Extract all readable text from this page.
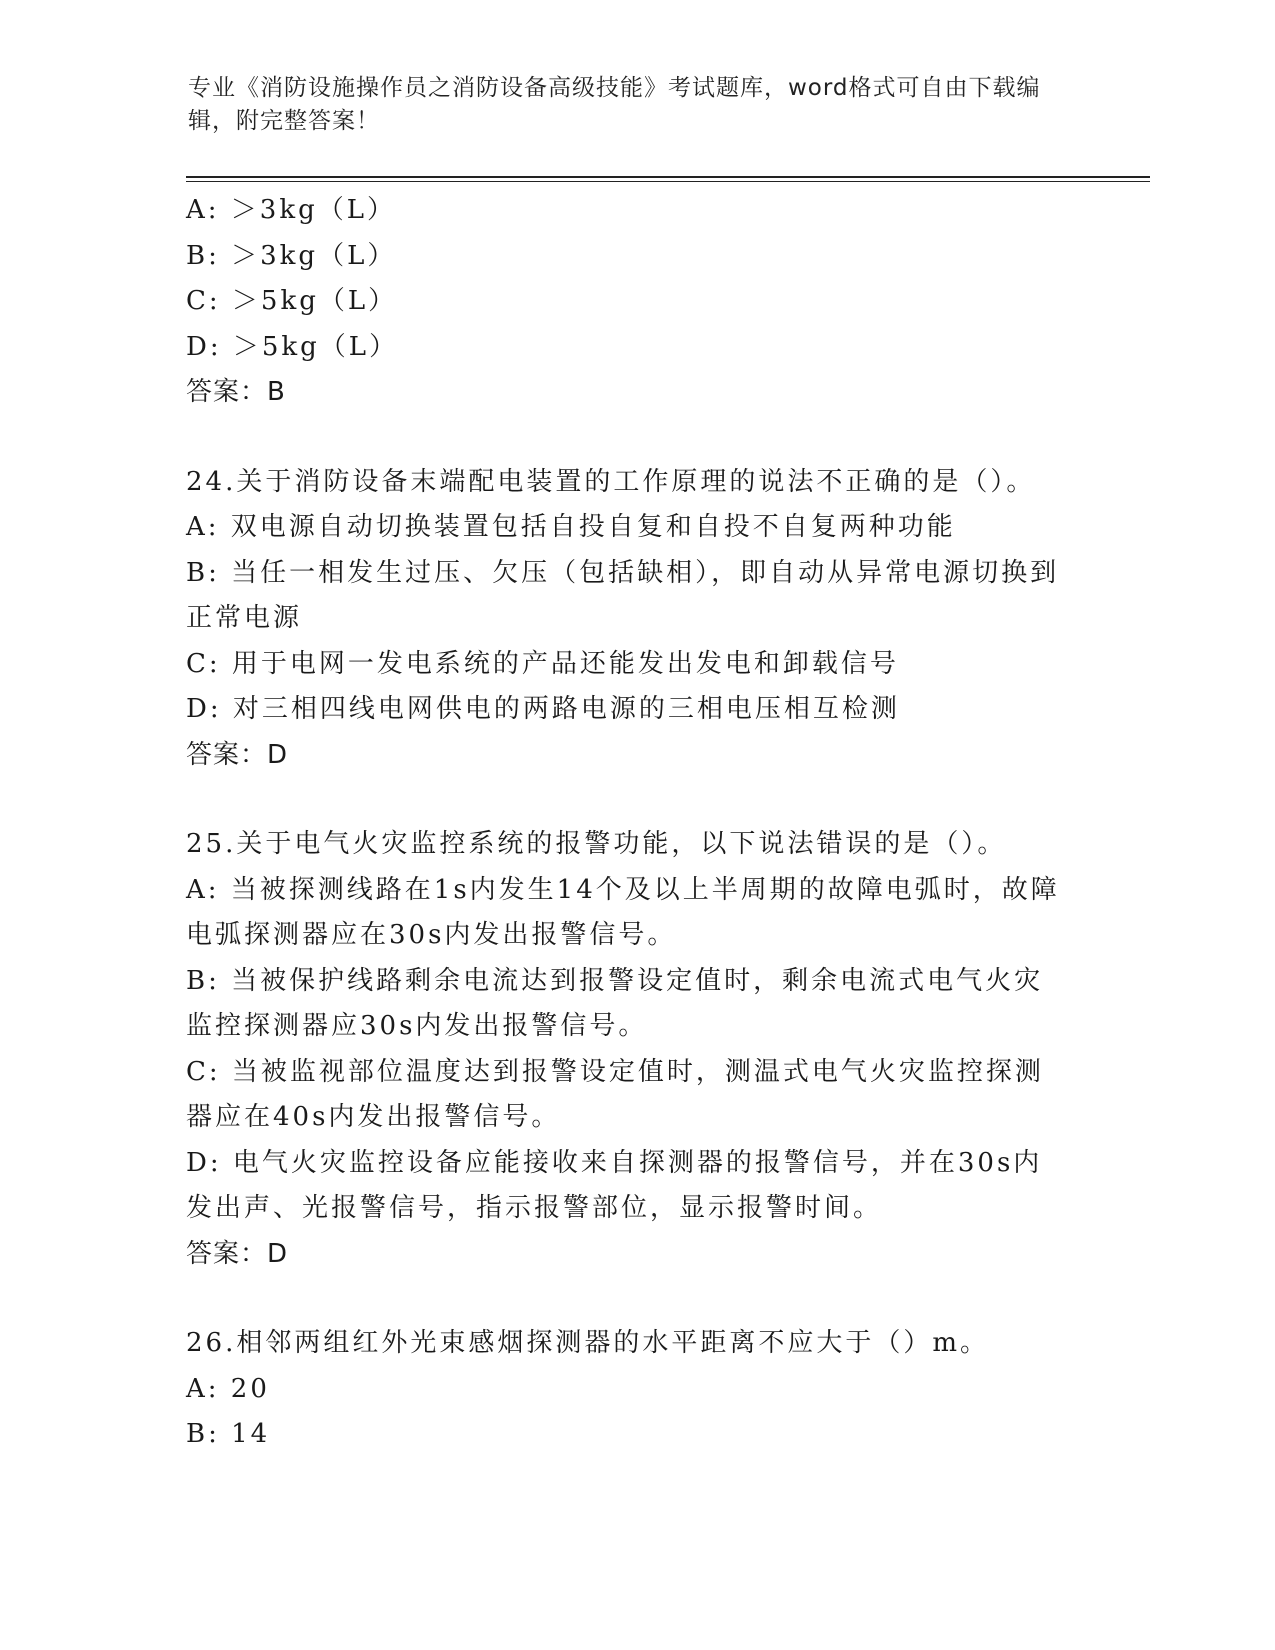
专业《消防设施操作员之消防设备高级技能》考试题库，word格式可自由下载编辑，附完整答案！
A: ＞3kg（L）
B: ＞3kg（L）
C: ＞5kg（L）
D: ＞5kg（L）
答案：B
24.关于消防设备末端配电装置的工作原理的说法不正确的是（）。
A: 双电源自动切换装置包括自投自复和自投不自复两种功能
B: 当任一相发生过压、欠压（包括缺相），即自动从异常电源切换到正常电源
C: 用于电网一发电系统的产品还能发出发电和卸载信号
D: 对三相四线电网供电的两路电源的三相电压相互检测
答案：D
25.关于电气火灾监控系统的报警功能，以下说法错误的是（）。
A: 当被探测线路在1s内发生14个及以上半周期的故障电弧时，故障电弧探测器应在30s内发出报警信号。
B: 当被保护线路剩余电流达到报警设定值时，剩余电流式电气火灾监控探测器应30s内发出报警信号。
C: 当被监视部位温度达到报警设定值时，测温式电气火灾监控探测器应在40s内发出报警信号。
D: 电气火灾监控设备应能接收来自探测器的报警信号，并在30s内发出声、光报警信号，指示报警部位，显示报警时间。
答案：D
26.相邻两组红外光束感烟探测器的水平距离不应大于（）m。
A: 20
B: 14
